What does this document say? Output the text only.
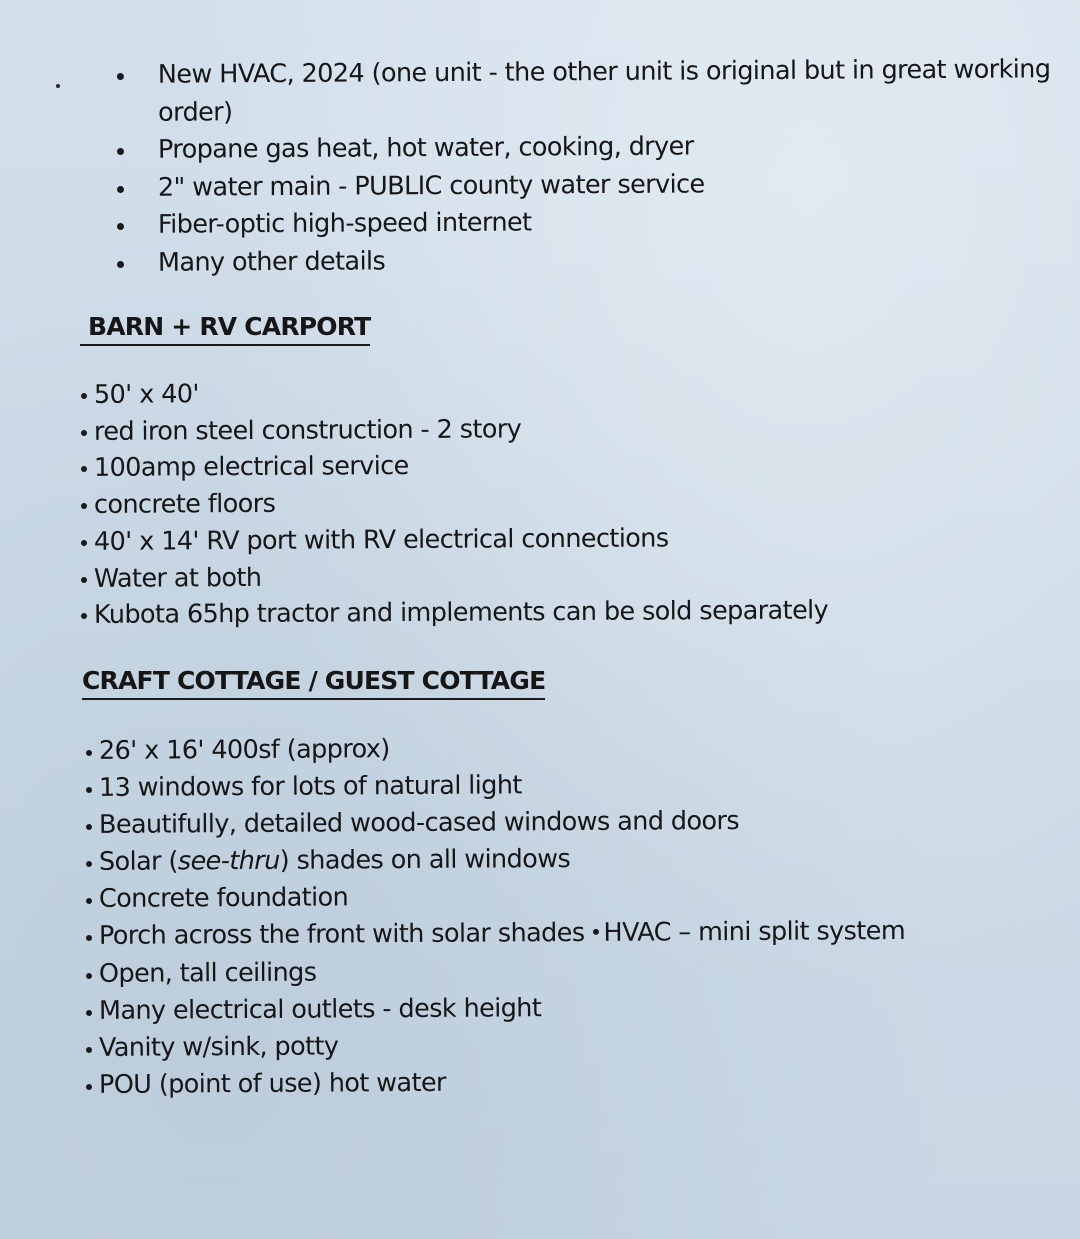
New HVAC, 2024 (one unit - the other unit is original but in great working order)
Propane gas heat, hot water, cooking, dryer
2" water main - PUBLIC county water service
Fiber-optic high-speed internet
Many other details
BARN + RV CARPORT
50' x 40'
red iron steel construction - 2 story
100amp electrical service
concrete floors
40' x 14' RV port with RV electrical connections
Water at both
Kubota 65hp tractor and implements can be sold separately
CRAFT COTTAGE / GUEST COTTAGE
26' x 16' 400sf (approx)
13 windows for lots of natural light
Beautifully, detailed wood-cased windows and doors
Solar (see-thru) shades on all windows
Concrete foundation
Porch across the front with solar shades HVAC – mini split system
Open, tall ceilings
Many electrical outlets - desk height
Vanity w/sink, potty
POU (point of use) hot water
